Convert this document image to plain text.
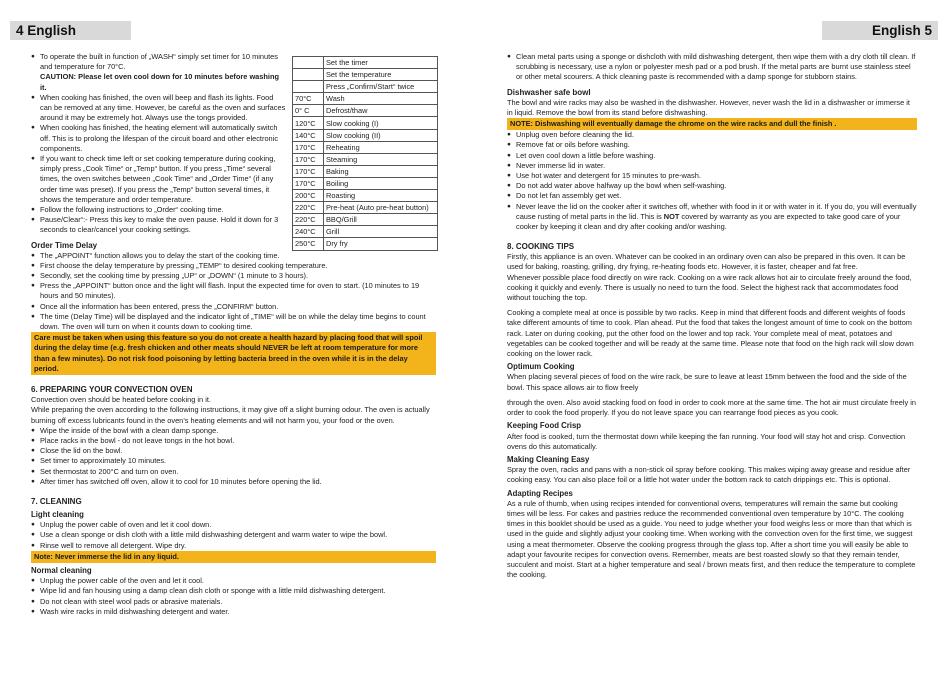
4 English	English 5
	Set the timer
	Set the temperature
	Press „Confirm/Start“ twice
70°C	Wash
0° C	Defrost/thaw
120°C	Slow cooking (I)
140°C	Slow cooking (II)
170°C	Reheating
170°C	Steaming
170°C	Baking
170°C	Boiling
200°C	Roasting
220°C	Pre-heat (Auto pre-heat button)
220°C	BBQ/Grill
240°C	Grill
250°C	Dry fry
● To operate the built in function of „WASH“ simply set timer for 10 minutes and temperature for 70°C.

CAUTION: Please let oven cool down for 10 minutes before washing it.

● When cooking has finished, the oven will beep and flash its lights. Food can be removed at any time. However, be careful as the oven and surfaces around it may be extremely hot. Always use the tongs provided.
● When cooking has finished, the heating element will automatically switch off. This is to prolong the lifespan of the circuit board and other electronic components.
● If you want to check time left or set cooking temperature during cooking, simply press „Cook Time“ or „Temp“ button. If you press „Time“ several times, the oven switches between „Cook Time“ and „Order Time“ (if any order time was preset). If you press the „Temp“ button several times, it shows the temperature and order temperature.
● Follow the following instructions to „Order“ cooking time.
● Pause/Clear“:- Press this key to make the oven pause. Hold it down for 3 seconds to clear/cancel your cooking settings.
Order Time Delay
● The „APPOINT“ function allows you to delay the start of the cooking time.
● First choose the delay temperature by pressing „TEMP“ to desired cooking temperature.
● Secondly, set the cooking time by pressing „UP“ or „DOWN“ (1 minute to 3 hours).
● Press the „APPOINT“ button once and the light will flash. Input the expected time for oven to start. (10 minutes to 19 hours and 50 minutes).
● Once all the information has been entered, press the „CONFIRM“ button.
● The time (Delay Time) will be displayed and the indicator light of „TIME“ will be on while the delay time begins to count down. The oven will turn on when it counts down to cooking time.

Care must be taken when using this feature so you do not create a health hazard by placing food that will spoil during the delay time (e.g. fresh chicken and other meats should NEVER be left at room temperature for more than a few minutes). Do not risk food poisoning by letting bacteria breed in the oven while it is in the delay period.

6. PREPARING YOUR CONVECTION OVEN

Convection oven should be heated before cooking in it.

While preparing the oven according to the following instructions, it may give off a slight burning odour. The oven is actually burning off excess lubricants found in the oven’s heating elements and will not harm you, your food or the oven.

● Wipe the inside of the bowl with a clean damp sponge.
● Place racks in the bowl - do not leave tongs in the hot bowl.
● Close the lid on the bowl.
● Set timer to approximately 10 minutes.
● Set thermostat to 200°C and turn on oven.
● After timer has switched off oven, allow it to cool for 10 minutes before opening the lid.
7. CLEANING
Light cleaning
● Unplug the power cable of oven and let it cool down.
● Use a clean sponge or dish cloth with a little mild dishwashing detergent and warm water to wipe the bowl.
● Rinse well to remove all detergent. Wipe dry.

Note: Never immerse the lid in any liquid.

Normal cleaning
● Unplug the power cable of the oven and let it cool.
● Wipe lid and fan housing using a damp clean dish cloth or sponge with a little mild dishwashing detergent.
● Do not clean with steel wool pads or abrasive materials.
● Wash wire racks in mild dishwashing detergent and water.
● Clean metal parts using a sponge or dishcloth with mild dishwashing detergent, then wipe them with a dry cloth till clean. If scrubbing is necessary, use a nylon or polyester mesh pad or a pod brush. If the metal parts are burnt use stainless steel or other metal scourers. A thick cleaning paste is recommended with a damp sponge for stubborn stains.
Dishwasher safe bowl

The bowl and wire racks may also be washed in the dishwasher. However, never wash the lid in a dishwasher or immerse it in liquid. Remove the bowl from its stand before dishwashing.

NOTE: Dishwashing will eventually damage the chrome on the wire racks and dull the finish .

● Unplug oven before cleaning the lid.
● Remove fat or oils before washing.
● Let oven cool down a little before washing.
● Never immerse lid in water.
● Use hot water and detergent for 15 minutes to pre-wash.
● Do not add water above halfway up the bowl when self-washing.
● Do not let fan assembly get wet.
● Never leave the lid on the cooker after it switches off, whether with food in it or with water in it. If you do, you will eventually cause rusting of metal parts in the lid. This is NOT covered by warranty as you are expected to take good care of your cooker by keeping it clean and dry after cooking and/or washing.
8. COOKING TIPS

Firstly, this appliance is an oven. Whatever can be cooked in an ordinary oven can also be prepared in this oven. It can be used for baking, roasting, grilling, dry frying, re-heating foods etc. However, it is faster, cheaper and fat free.

Whenever possible place food directly on wire rack. Cooking on a wire rack allows hot air to circulate freely around the food, cooking it quickly and evenly. There is usually no need to turn the food. Select the highest rack that accommodates food without touching the top.

Cooking a complete meal at once is possible by two racks. Keep in mind that different foods and different weights of foods take different amounts of time to cook. Plan ahead. Put the food that takes the longest amount of time to cook on the bottom rack. Later on during cooking, put the other food on the lower and top rack. Your complete meal of meat, potatoes and vegetables can be cooked together and will be ready at the same time. Please note that food on the high rack will slow down cooking on the lower rack.

Optimum Cooking

When placing several pieces of food on the wire rack, be sure to leave at least 15mm between the food and the side of the bowl. This space allows air to flow freely

through the oven. Also avoid stacking food on food in order to cook more at the same time. The hot air must circulate freely in order to cook the food properly. If you do not leave space you can rearrange food pieces as you cook.

Keeping Food Crisp

After food is cooked, turn the thermostat down while keeping the fan running. Your food will stay hot and crisp. Convection ovens do this automatically.

Making Cleaning Easy

Spray the oven, racks and pans with a non-stick oil spray before cooking. This makes wiping away grease and residue after cooking easy. You can also place foil or a little hot water under the bottom rack to catch drippings etc. This is optional.

Adapting Recipes

As a rule of thumb, when using recipes intended for conventional ovens, temperatures will remain the same but cooking times will be less. For cakes and pastries reduce the recommended conventional oven temperature by 10°C. The cooking times in this booklet should be used as a guide. You need to judge whether your food weighs less or more than that which is used in the guide and slightly adjust your cooking time. When working with the convection oven for the first time, we suggest using a meat thermometer. Observe the cooking progress through the glass top. After a short time you will easily be able to adapt your favourite recipes for convection ovens. Remember, meats are best roasted slowly so that they remain tender, succulent and moist. Start at a higher temperature and seal / brown meats first, and then reduce the temperature to complete the cooking.
